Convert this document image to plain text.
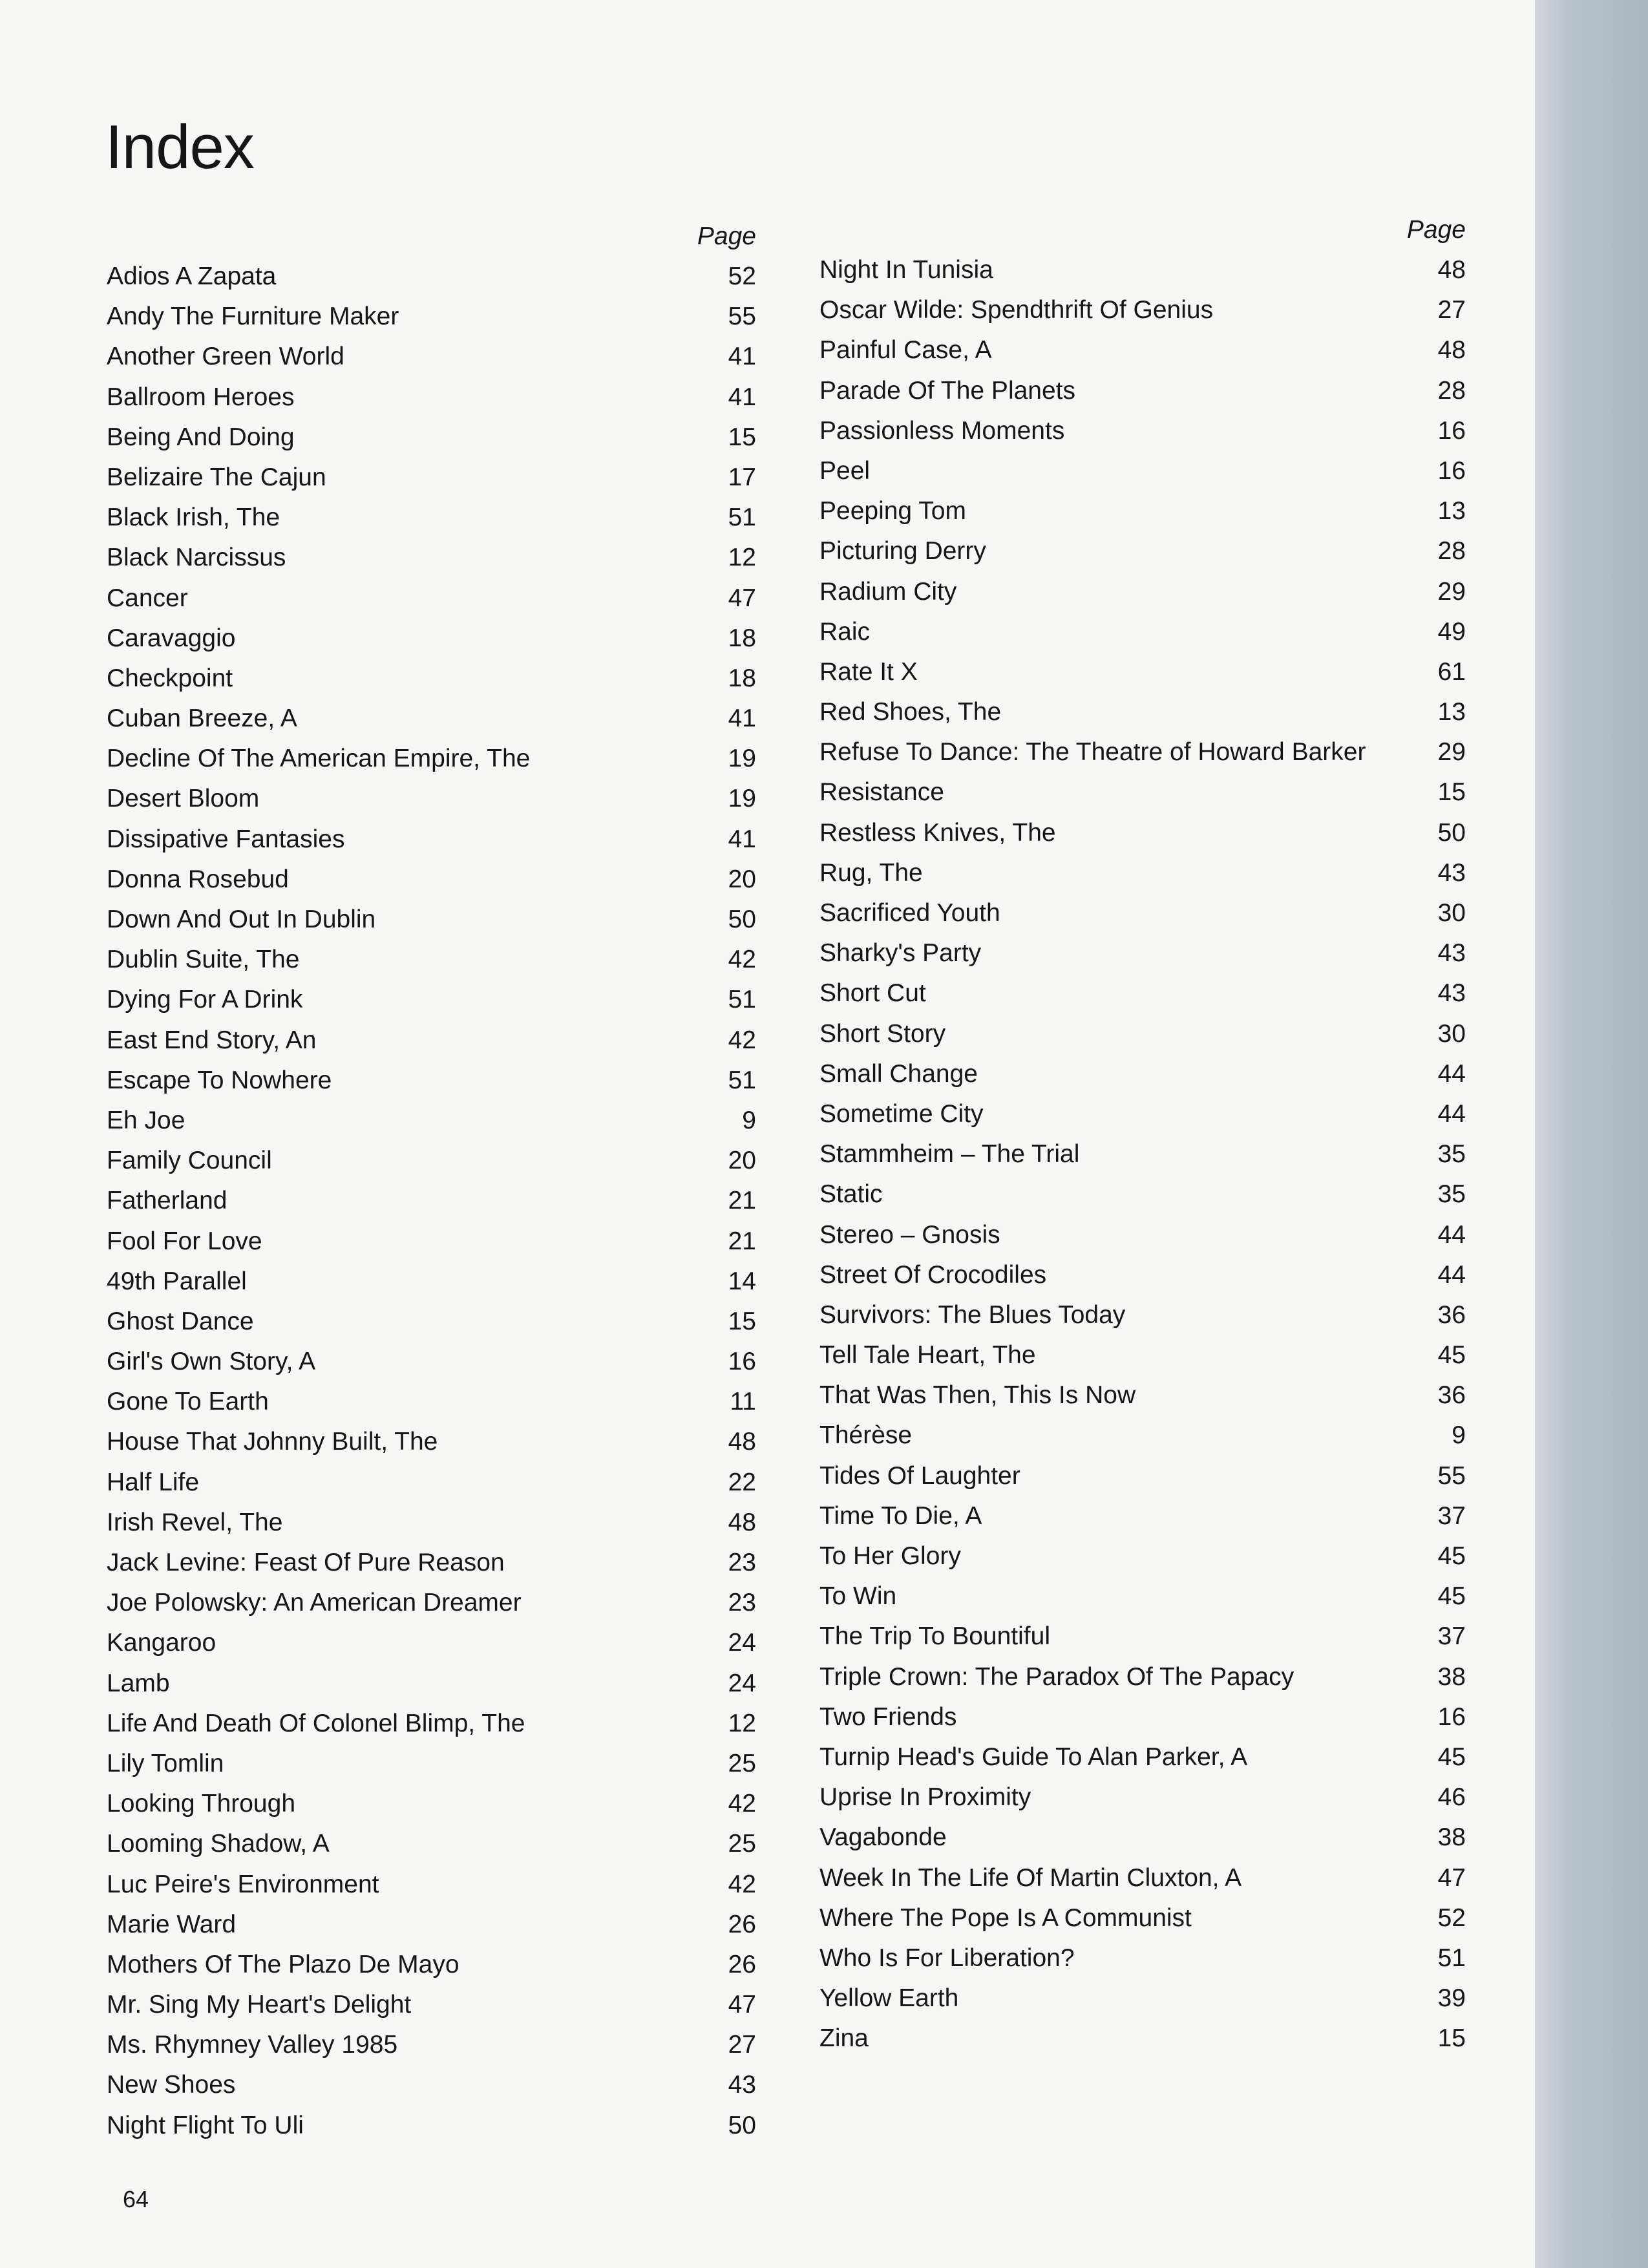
Index
Page
Adios A Zapata	52
Andy The Furniture Maker	55
Another Green World	41
Ballroom Heroes	41
Being And Doing	15
Belizaire The Cajun	17
Black Irish, The	51
Black Narcissus	12
Cancer	47
Caravaggio	18
Checkpoint	18
Cuban Breeze, A	41
Decline Of The American Empire, The	19
Desert Bloom	19
Dissipative Fantasies	41
Donna Rosebud	20
Down And Out In Dublin	50
Dublin Suite, The	42
Dying For A Drink	51
East End Story, An	42
Escape To Nowhere	51
Eh Joe	9
Family Council	20
Fatherland	21
Fool For Love	21
49th Parallel	14
Ghost Dance	15
Girl's Own Story, A	16
Gone To Earth	11
House That Johnny Built, The	48
Half Life	22
Irish Revel, The	48
Jack Levine: Feast Of Pure Reason	23
Joe Polowsky: An American Dreamer	23
Kangaroo	24
Lamb	24
Life And Death Of Colonel Blimp, The	12
Lily Tomlin	25
Looking Through	42
Looming Shadow, A	25
Luc Peire's Environment	42
Marie Ward	26
Mothers Of The Plazo De Mayo	26
Mr. Sing My Heart's Delight	47
Ms. Rhymney Valley 1985	27
New Shoes	43
Night Flight To Uli	50
Page
Night In Tunisia	48
Oscar Wilde: Spendthrift Of Genius	27
Painful Case, A	48
Parade Of The Planets	28
Passionless Moments	16
Peel	16
Peeping Tom	13
Picturing Derry	28
Radium City	29
Raic	49
Rate It X	61
Red Shoes, The	13
Refuse To Dance: The Theatre of Howard Barker	29
Resistance	15
Restless Knives, The	50
Rug, The	43
Sacrificed Youth	30
Sharky's Party	43
Short Cut	43
Short Story	30
Small Change	44
Sometime City	44
Stammheim – The Trial	35
Static	35
Stereo – Gnosis	44
Street Of Crocodiles	44
Survivors: The Blues Today	36
Tell Tale Heart, The	45
That Was Then, This Is Now	36
Thérèse	9
Tides Of Laughter	55
Time To Die, A	37
To Her Glory	45
To Win	45
The Trip To Bountiful	37
Triple Crown: The Paradox Of The Papacy	38
Two Friends	16
Turnip Head's Guide To Alan Parker, A	45
Uprise In Proximity	46
Vagabonde	38
Week In The Life Of Martin Cluxton, A	47
Where The Pope Is A Communist	52
Who Is For Liberation?	51
Yellow Earth	39
Zina	15
64
